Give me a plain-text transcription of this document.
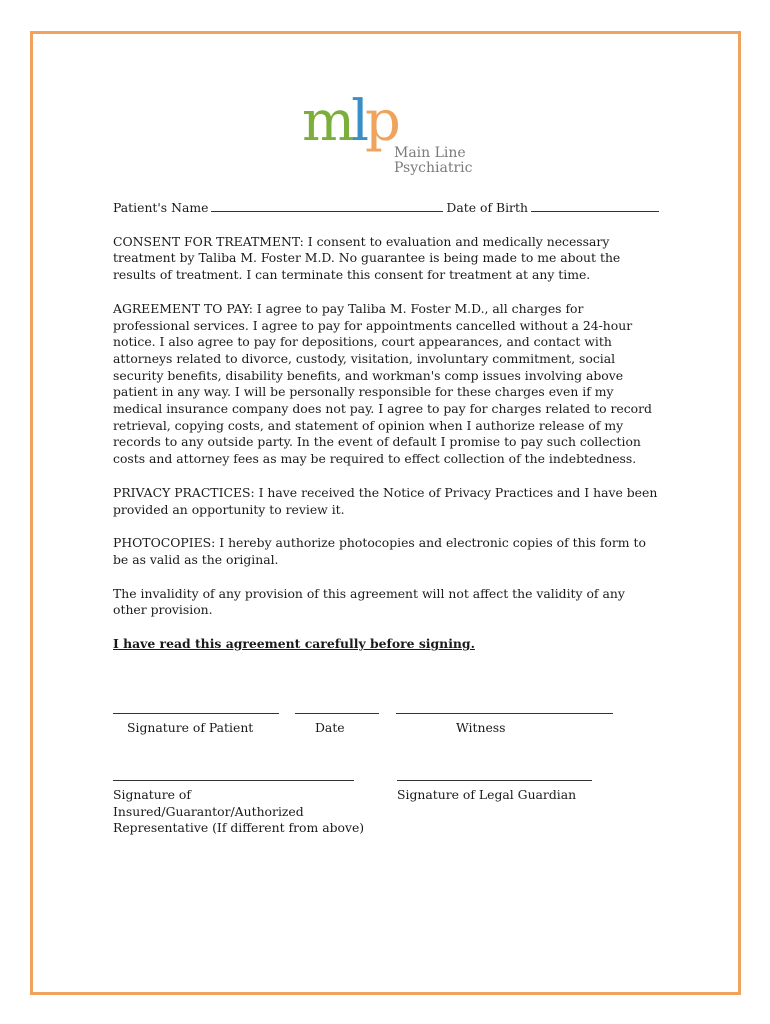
mlp
Main Line
Psychiatric
Patient's Name	Date of Birth

CONSENT FOR TREATMENT: I consent to evaluation and medically necessary treatment by Taliba M. Foster M.D. No guarantee is being made to me about the results of treatment. I can terminate this consent for treatment at any time.

AGREEMENT TO PAY: I agree to pay Taliba M. Foster M.D., all charges for professional services. I agree to pay for appointments cancelled without a 24-hour notice. I also agree to pay for depositions, court appearances, and contact with attorneys related to divorce, custody, visitation, involuntary commitment, social security benefits, disability benefits, and workman's comp issues involving above patient in any way. I will be personally responsible for these charges even if my medical insurance company does not pay. I agree to pay for charges related to record retrieval, copying costs, and statement of opinion when I authorize release of my records to any outside party. In the event of default I promise to pay such collection costs and attorney fees as may be required to effect collection of the indebtedness.

PRIVACY PRACTICES: I have received the Notice of Privacy Practices and I have been provided an opportunity to review it.

PHOTOCOPIES: I hereby authorize photocopies and electronic copies of this form to be as valid as the original.

The invalidity of any provision of this agreement will not affect the validity of any other provision.

I have read this agreement carefully before signing.

Signature of Patient	Date	Witness
Signature of Insured/Guarantor/Authorized Representative (If different from above)
Signature of Legal Guardian
